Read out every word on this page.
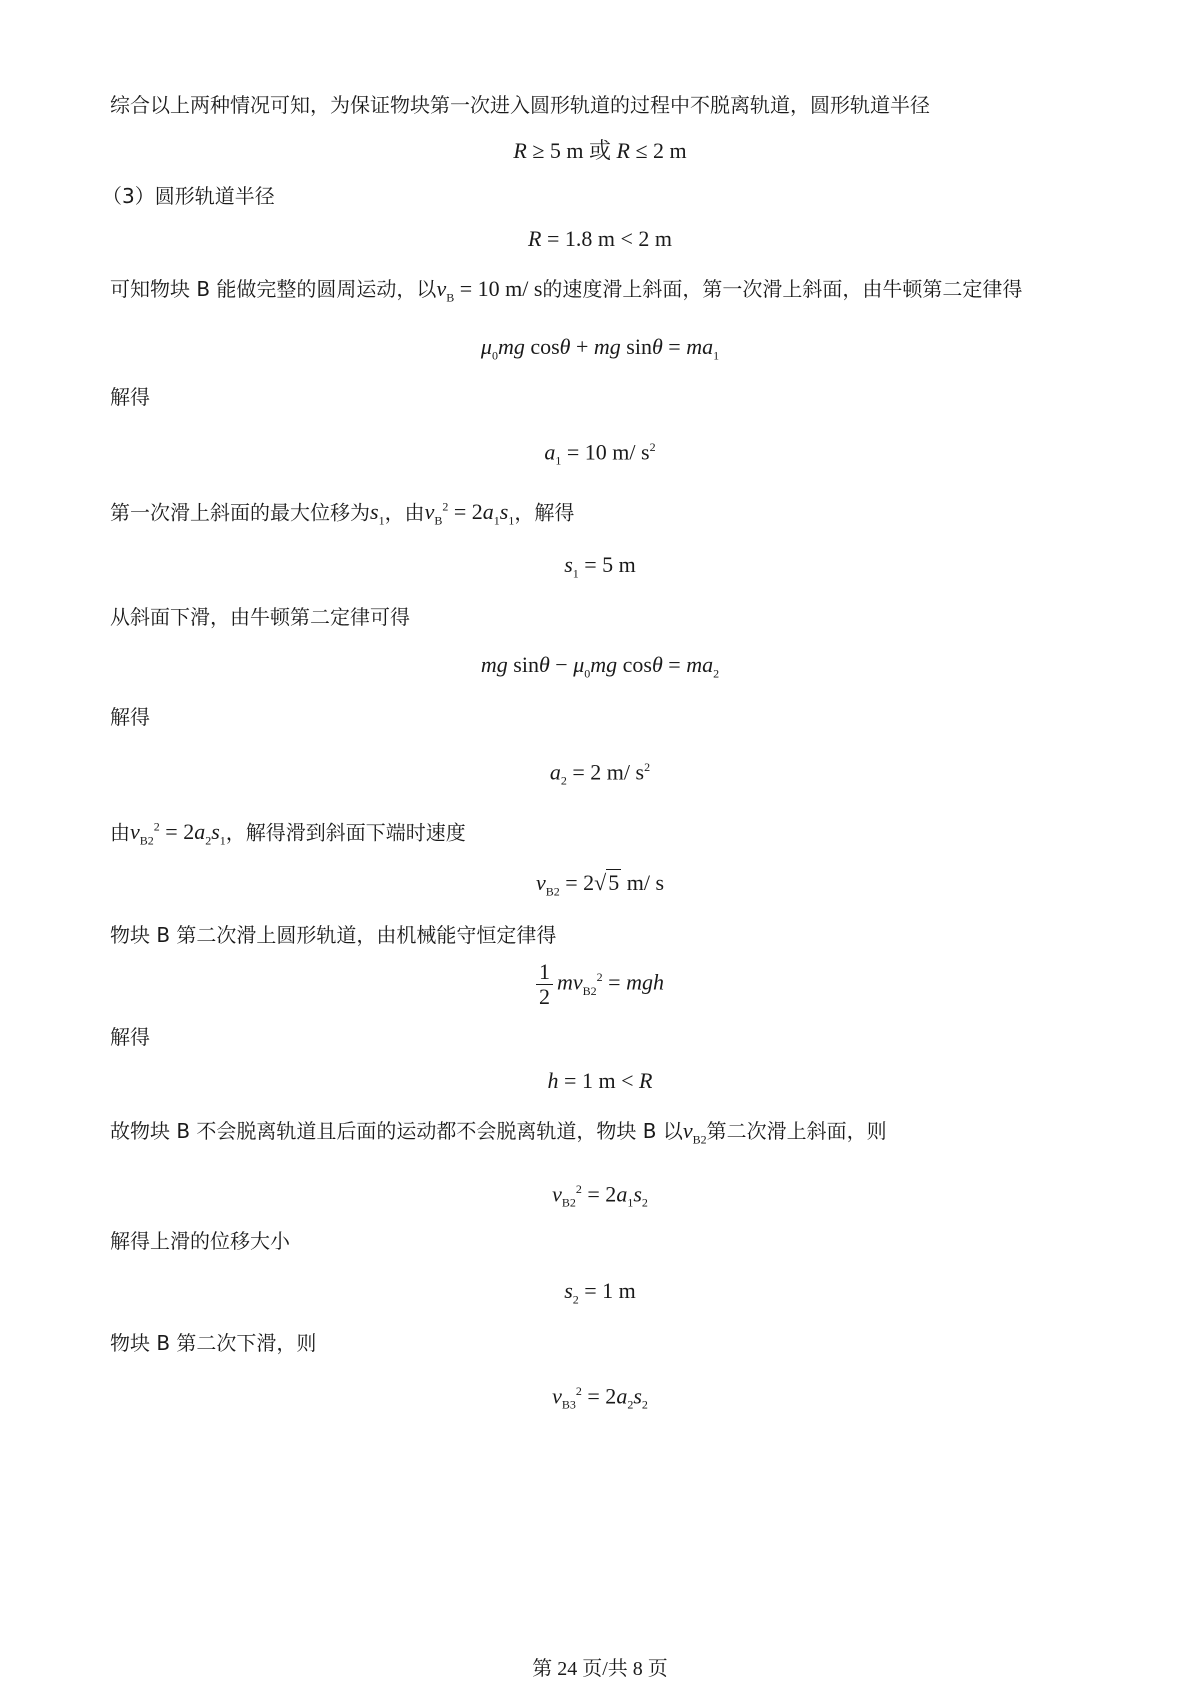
综合以上两种情况可知，为保证物块第一次进入圆形轨道的过程中不脱离轨道，圆形轨道半径
R ≥ 5 m 或 R ≤ 2 m
（3）圆形轨道半径
R = 1.8 m < 2 m
可知物块 B 能做完整的圆周运动，以$v_B = 10$ m/ s的速度滑上斜面，第一次滑上斜面，由牛顿第二定律得
$\mu_0mg$ cosθ + mg $\sin\theta = ma_1$
解得
$a_1 = 10$ m/ $s^2$
第一次滑上斜面的最大位移为$s_1$，由$v_B^2 = 2a_1s_1$，解得
$s_1 = 5$ m
从斜面下滑，由牛顿第二定律可得
mg $\sin\theta - \mu_0mg$ $\cos\theta = ma_2$
解得
$a_2 = 2$ m/ $s^2$
由$v_{B2}^2 = 2a_2s_1$，解得滑到斜面下端时速度
$v_{B2} = 2√5$ m/ s
物块 B 第二次滑上圆形轨道，由机械能守恒定律得
$\frac{1}{2} mv_{B2}^2$ = mgh
解得
h = 1 m < R
故物块 B 不会脱离轨道且后面的运动都不会脱离轨道，物块 B 以$v_{B2}$第二次滑上斜面，则
$v_{B2}^2 = 2a_1s_2$
解得上滑的位移大小
$s_2 = 1$ m
物块 B 第二次下滑，则
$v_{B3}^2 = 2a_2s_2$
第 24 页/共 8 页
